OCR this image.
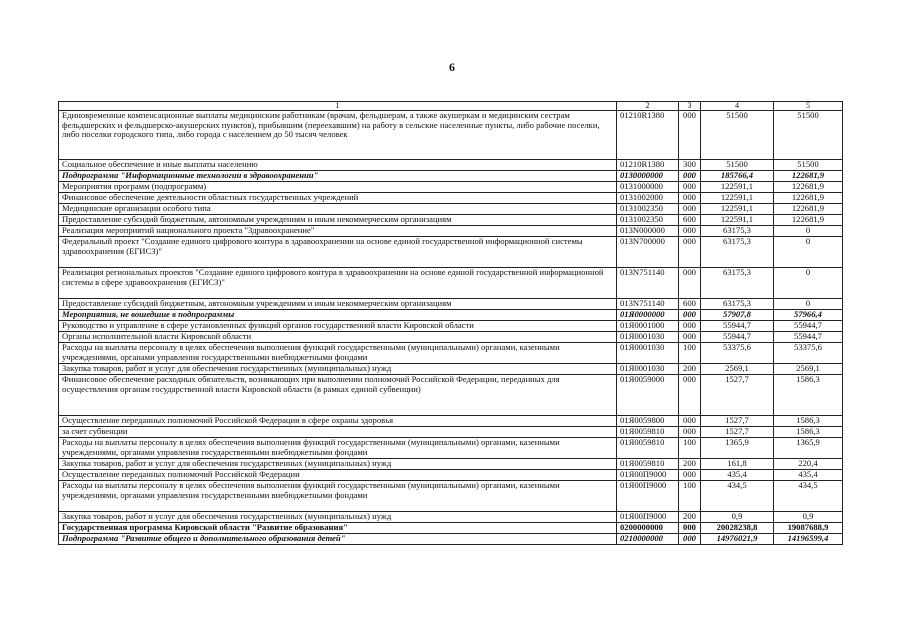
6
1	2	3	4	5
Единовременные компенсационные выплаты медицинским работникам (врачам, фельдшерам, а также акушеркам и медицинским сестрам фельдшерских и фельдшерско-акушерских пунктов), прибывшим (переехавшим) на работу в сельские населенные пункты, либо рабочие поселки, либо поселки городского типа, либо города с населением до 50 тысяч человек	01210R1380	000	51500	51500
Социальное обеспечение и иные выплаты населению	01210R1380	300	51500	51500
Подпрограмма "Информационные технологии в здравоохранении"	0130000000	000	185766,4	122681,9
Мероприятия программ (подпрограмм)	0131000000	000	122591,1	122681,9
Финансовое обеспечение деятельности областных государственных учреждений	0131002000	000	122591,1	122681,9
Медицинские организации особого типа	0131002350	000	122591,1	122681,9
Предоставление субсидий бюджетным, автономным учреждениям и иным некоммерческим организациям	0131002350	600	122591,1	122681,9
Реализация мероприятий национального проекта "Здравоохранение"	013N000000	000	63175,3	0
Федеральный проект "Создание единого цифрового контура в здравоохранении на основе единой государственной информационной системы здравоохранения (ЕГИСЗ)"	013N700000	000	63175,3	0
Реализация региональных проектов "Создание единого цифрового контура в здравоохранении на основе единой государственной информационной системы в сфере здравоохранения (ЕГИСЗ)"	013N751140	000	63175,3	0
Предоставление субсидий бюджетным, автономным учреждениям и иным некоммерческим организациям	013N751140	600	63175,3	0
Мероприятия, не вошедшие в подпрограммы	01Я0000000	000	57907,8	57966,4
Руководство и управление в сфере установленных функций органов государственной власти Кировской области	01Я0001000	000	55944,7	55944,7
Органы исполнительной власти Кировской области	01Я0001030	000	55944,7	55944,7
Расходы на выплаты персоналу в целях обеспечения выполнения функций государственными (муниципальными) органами, казенными учреждениями, органами управления государственными внебюджетными фондами	01Я0001030	100	53375,6	53375,6
Закупка товаров, работ и услуг для обеспечения государственных (муниципальных) нужд	01Я0001030	200	2569,1	2569,1
Финансовое обеспечение расходных обязательств, возникающих при выполнении полномочий Российской Федерации, переданных для осуществления органам государственной власти Кировской области (в рамках единой субвенции)	01Я0059000	000	1527,7	1586,3
Осуществление переданных полномочий Российской Федерации в сфере охраны здоровья	01Я0059800	000	1527,7	1586,3
за счет субвенции	01Я0059810	000	1527,7	1586,3
Расходы на выплаты персоналу в целях обеспечения выполнения функций государственными (муниципальными) органами, казенными учреждениями, органами управления государственными внебюджетными фондами	01Я0059810	100	1365,9	1365,9
Закупка товаров, работ и услуг для обеспечения государственных (муниципальных) нужд	01Я0059810	200	161,8	220,4
Осуществление переданных полномочий Российской Федерации	01Я00П9000	000	435,4	435,4
Расходы на выплаты персоналу в целях обеспечения выполнения функций государственными (муниципальными) органами, казенными учреждениями, органами управления государственными внебюджетными фондами	01Я00П9000	100	434,5	434,5
Закупка товаров, работ и услуг для обеспечения государственных (муниципальных) нужд	01Я00П9000	200	0,9	0,9
Государственная программа Кировской области "Развитие образования"	0200000000	000	20028238,8	19087688,9
Подпрограмма "Развитие общего и дополнительного образования детей"	0210000000	000	14976021,9	14196599,4
